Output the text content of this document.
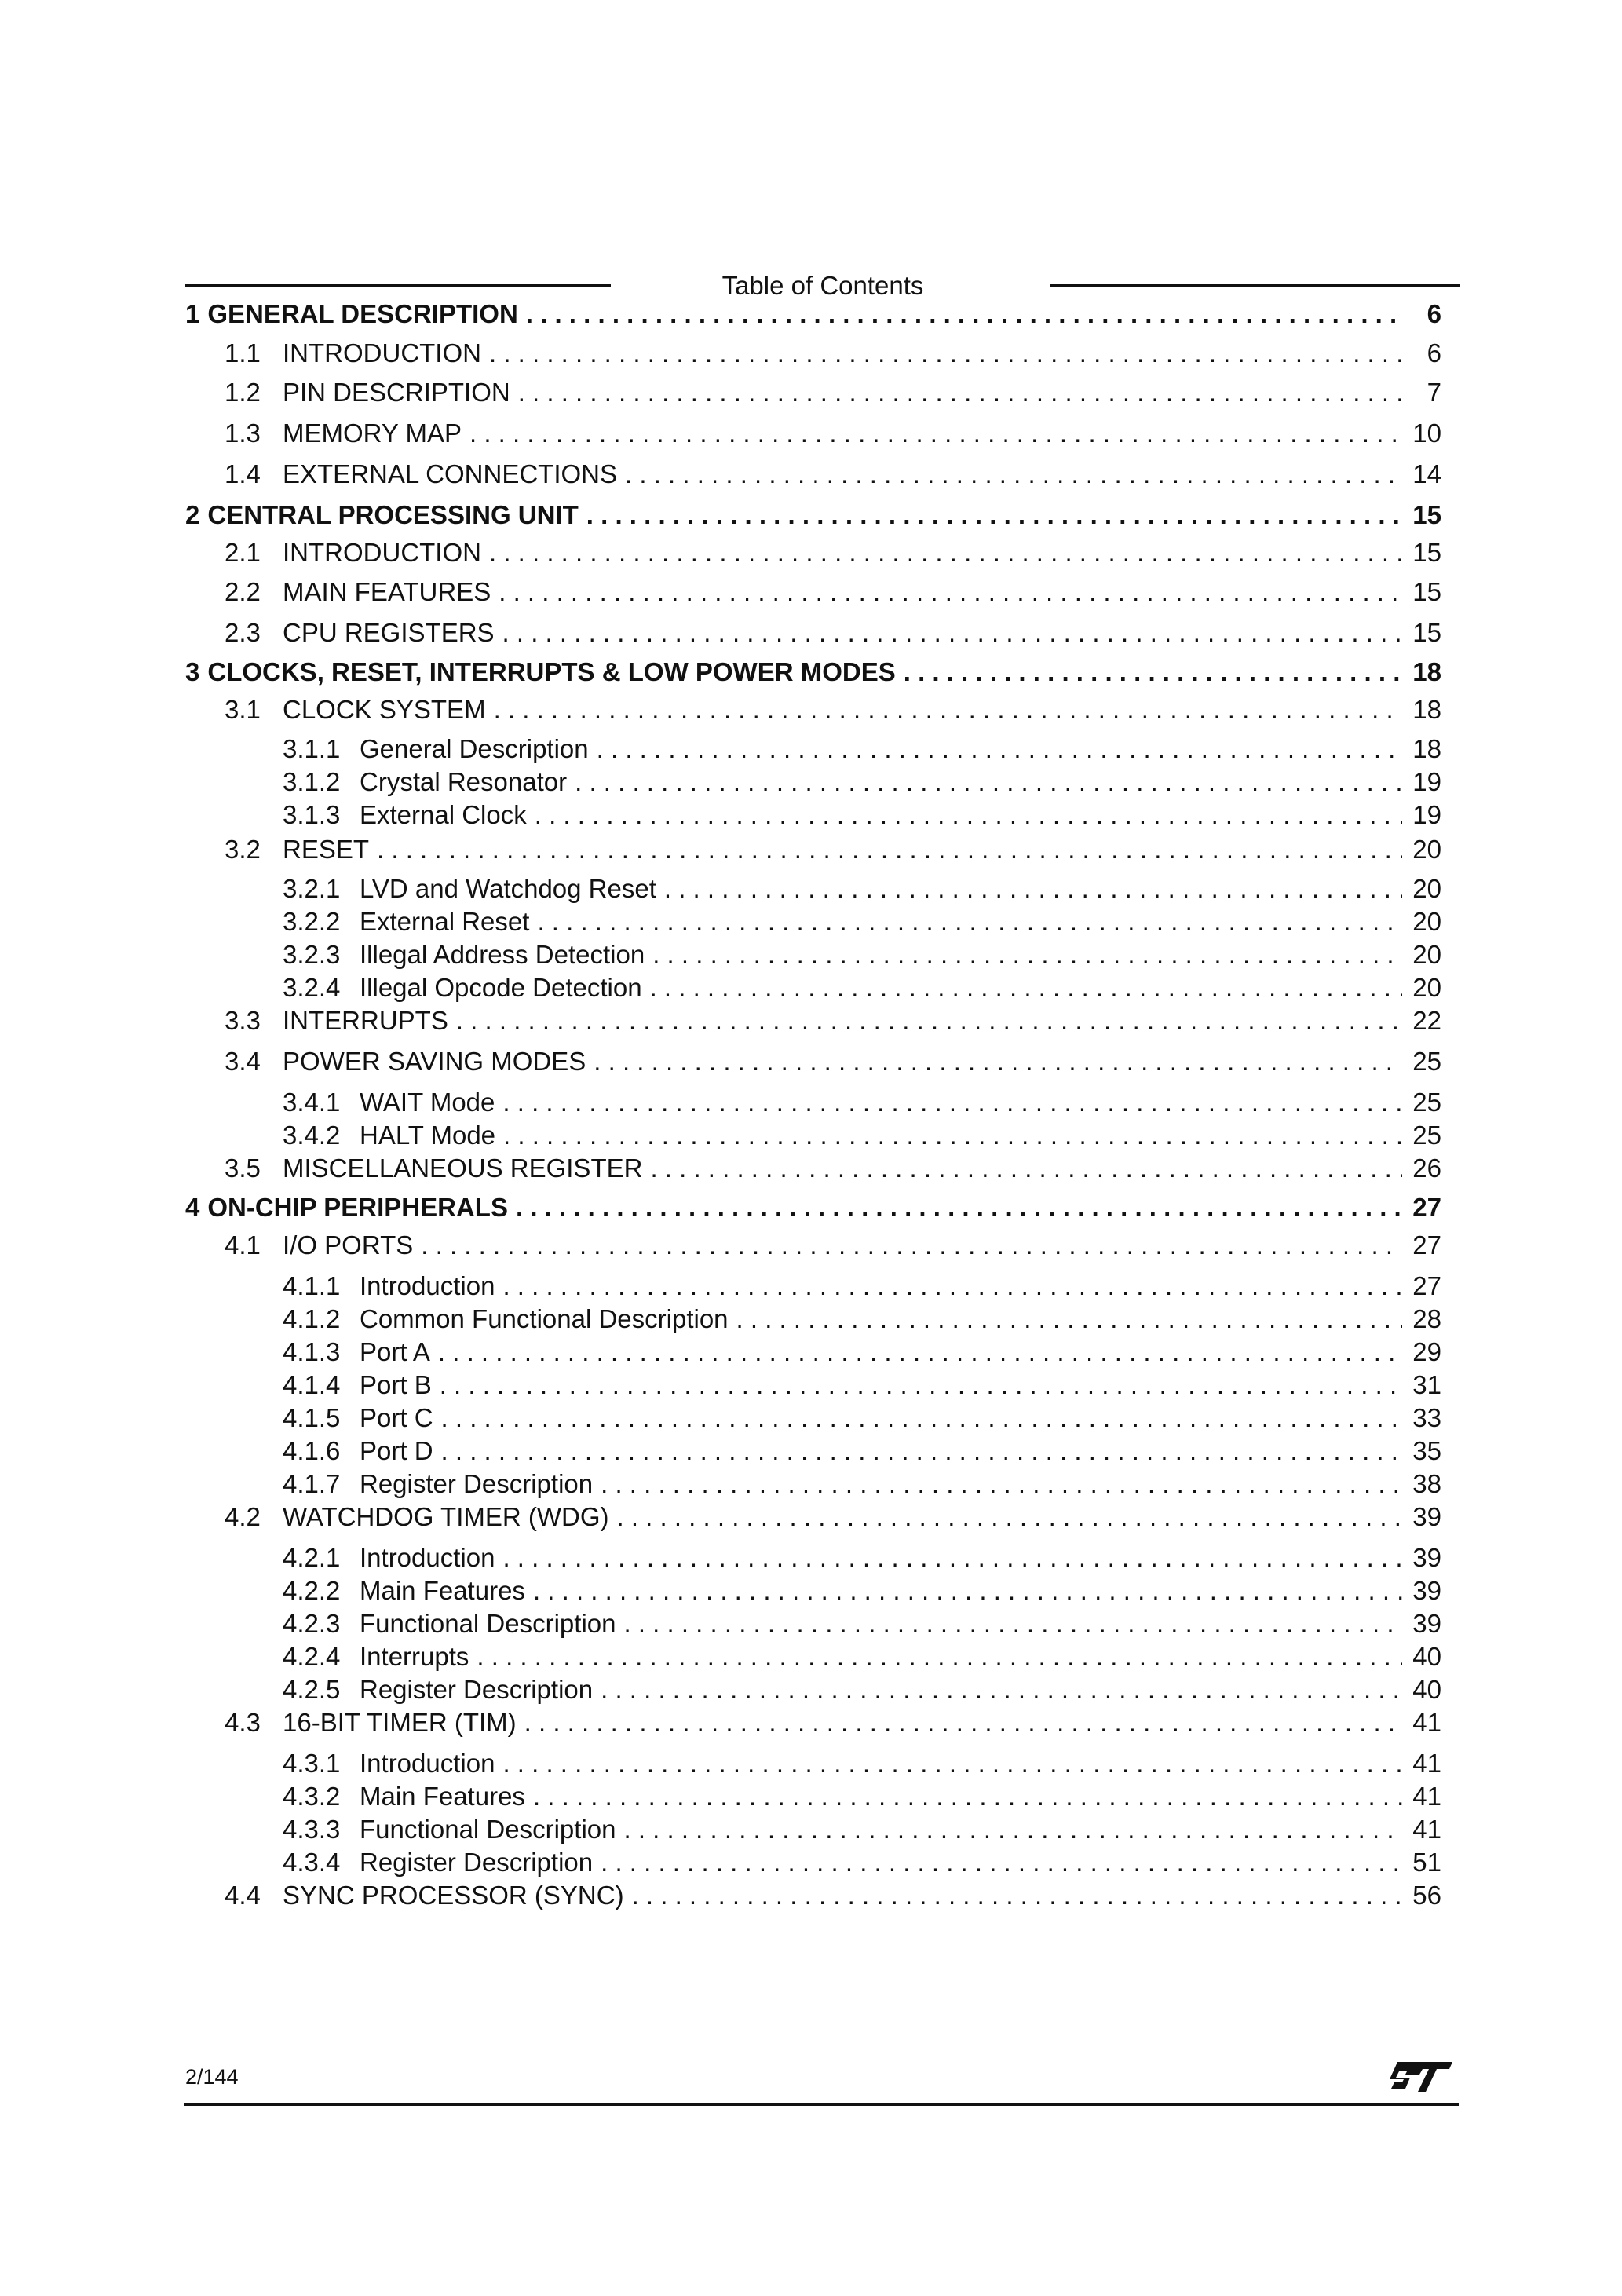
Table of Contents
1 GENERAL DESCRIPTION . . .	6
1.1 INTRODUCTION . . .	6
1.2 PIN DESCRIPTION . . .	7
1.3 MEMORY MAP . . .	10
1.4 EXTERNAL CONNECTIONS . . .	14
2 CENTRAL PROCESSING UNIT . . .	15
2.1 INTRODUCTION . . .	15
2.2 MAIN FEATURES . . .	15
2.3 CPU REGISTERS . . .	15
3 CLOCKS, RESET, INTERRUPTS & LOW POWER MODES . . .	18
3.1 CLOCK SYSTEM . . .	18
3.1.1 General Description . . .	18
3.1.2 Crystal Resonator . . .	19
3.1.3 External Clock . . .	19
3.2 RESET . . .	20
3.2.1 LVD and Watchdog Reset . . .	20
3.2.2 External Reset . . .	20
3.2.3 Illegal Address Detection . . .	20
3.2.4 Illegal Opcode Detection . . .	20
3.3 INTERRUPTS . . .	22
3.4 POWER SAVING MODES . . .	25
3.4.1 WAIT Mode . . .	25
3.4.2 HALT Mode . . .	25
3.5 MISCELLANEOUS REGISTER . . .	26
4 ON-CHIP PERIPHERALS . . .	27
4.1 I/O PORTS . . .	27
4.1.1 Introduction . . .	27
4.1.2 Common Functional Description . . .	28
4.1.3 Port A . . .	29
4.1.4 Port B . . .	31
4.1.5 Port C . . .	33
4.1.6 Port D . . .	35
4.1.7 Register Description . . .	38
4.2 WATCHDOG TIMER (WDG) . . .	39
4.2.1 Introduction . . .	39
4.2.2 Main Features . . .	39
4.2.3 Functional Description . . .	39
4.2.4 Interrupts . . .	40
4.2.5 Register Description . . .	40
4.3 16-BIT TIMER (TIM) . . .	41
4.3.1 Introduction . . .	41
4.3.2 Main Features . . .	41
4.3.3 Functional Description . . .	41
4.3.4 Register Description . . .	51
4.4 SYNC PROCESSOR (SYNC) . . .	56
2/144
